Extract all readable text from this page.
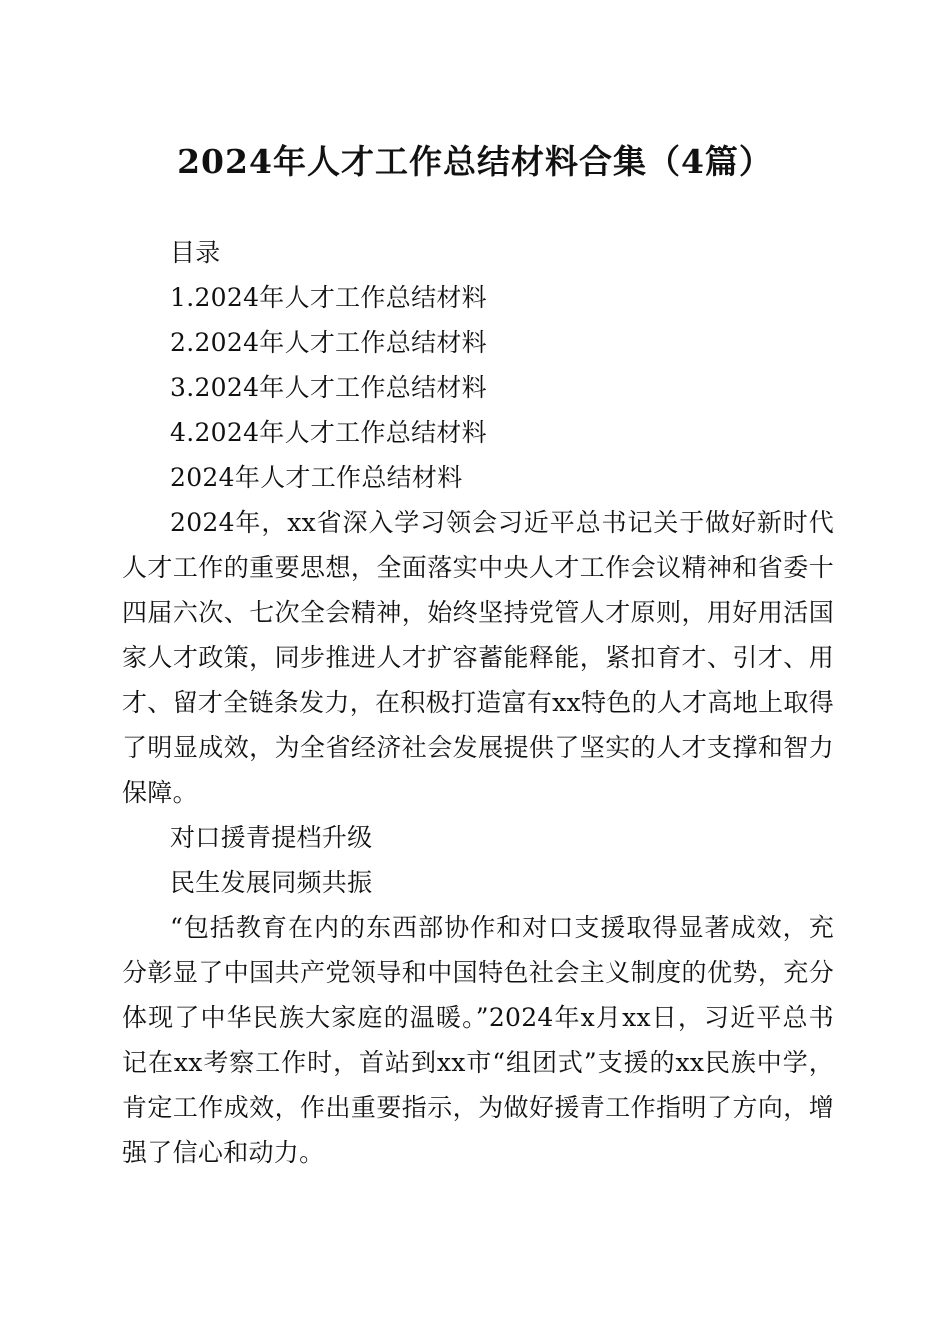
2024年人才工作总结材料合集（4篇）

目录

1.2024年人才工作总结材料

2.2024年人才工作总结材料

3.2024年人才工作总结材料

4.2024年人才工作总结材料

2024年人才工作总结材料

2024年，xx省深入学习领会习近平总书记关于做好新时代人才工作的重要思想，全面落实中央人才工作会议精神和省委十四届六次、七次全会精神，始终坚持党管人才原则，用好用活国家人才政策，同步推进人才扩容蓄能释能，紧扣育才、引才、用才、留才全链条发力，在积极打造富有xx特色的人才高地上取得了明显成效，为全省经济社会发展提供了坚实的人才支撑和智力保障。

对口援青提档升级

民生发展同频共振

“包括教育在内的东西部协作和对口支援取得显著成效，充分彰显了中国共产党领导和中国特色社会主义制度的优势，充分体现了中华民族大家庭的温暖。”2024年x月xx日，习近平总书记在xx考察工作时，首站到xx市“组团式”支援的xx民族中学，肯定工作成效，作出重要指示，为做好援青工作指明了方向，增强了信心和动力。
